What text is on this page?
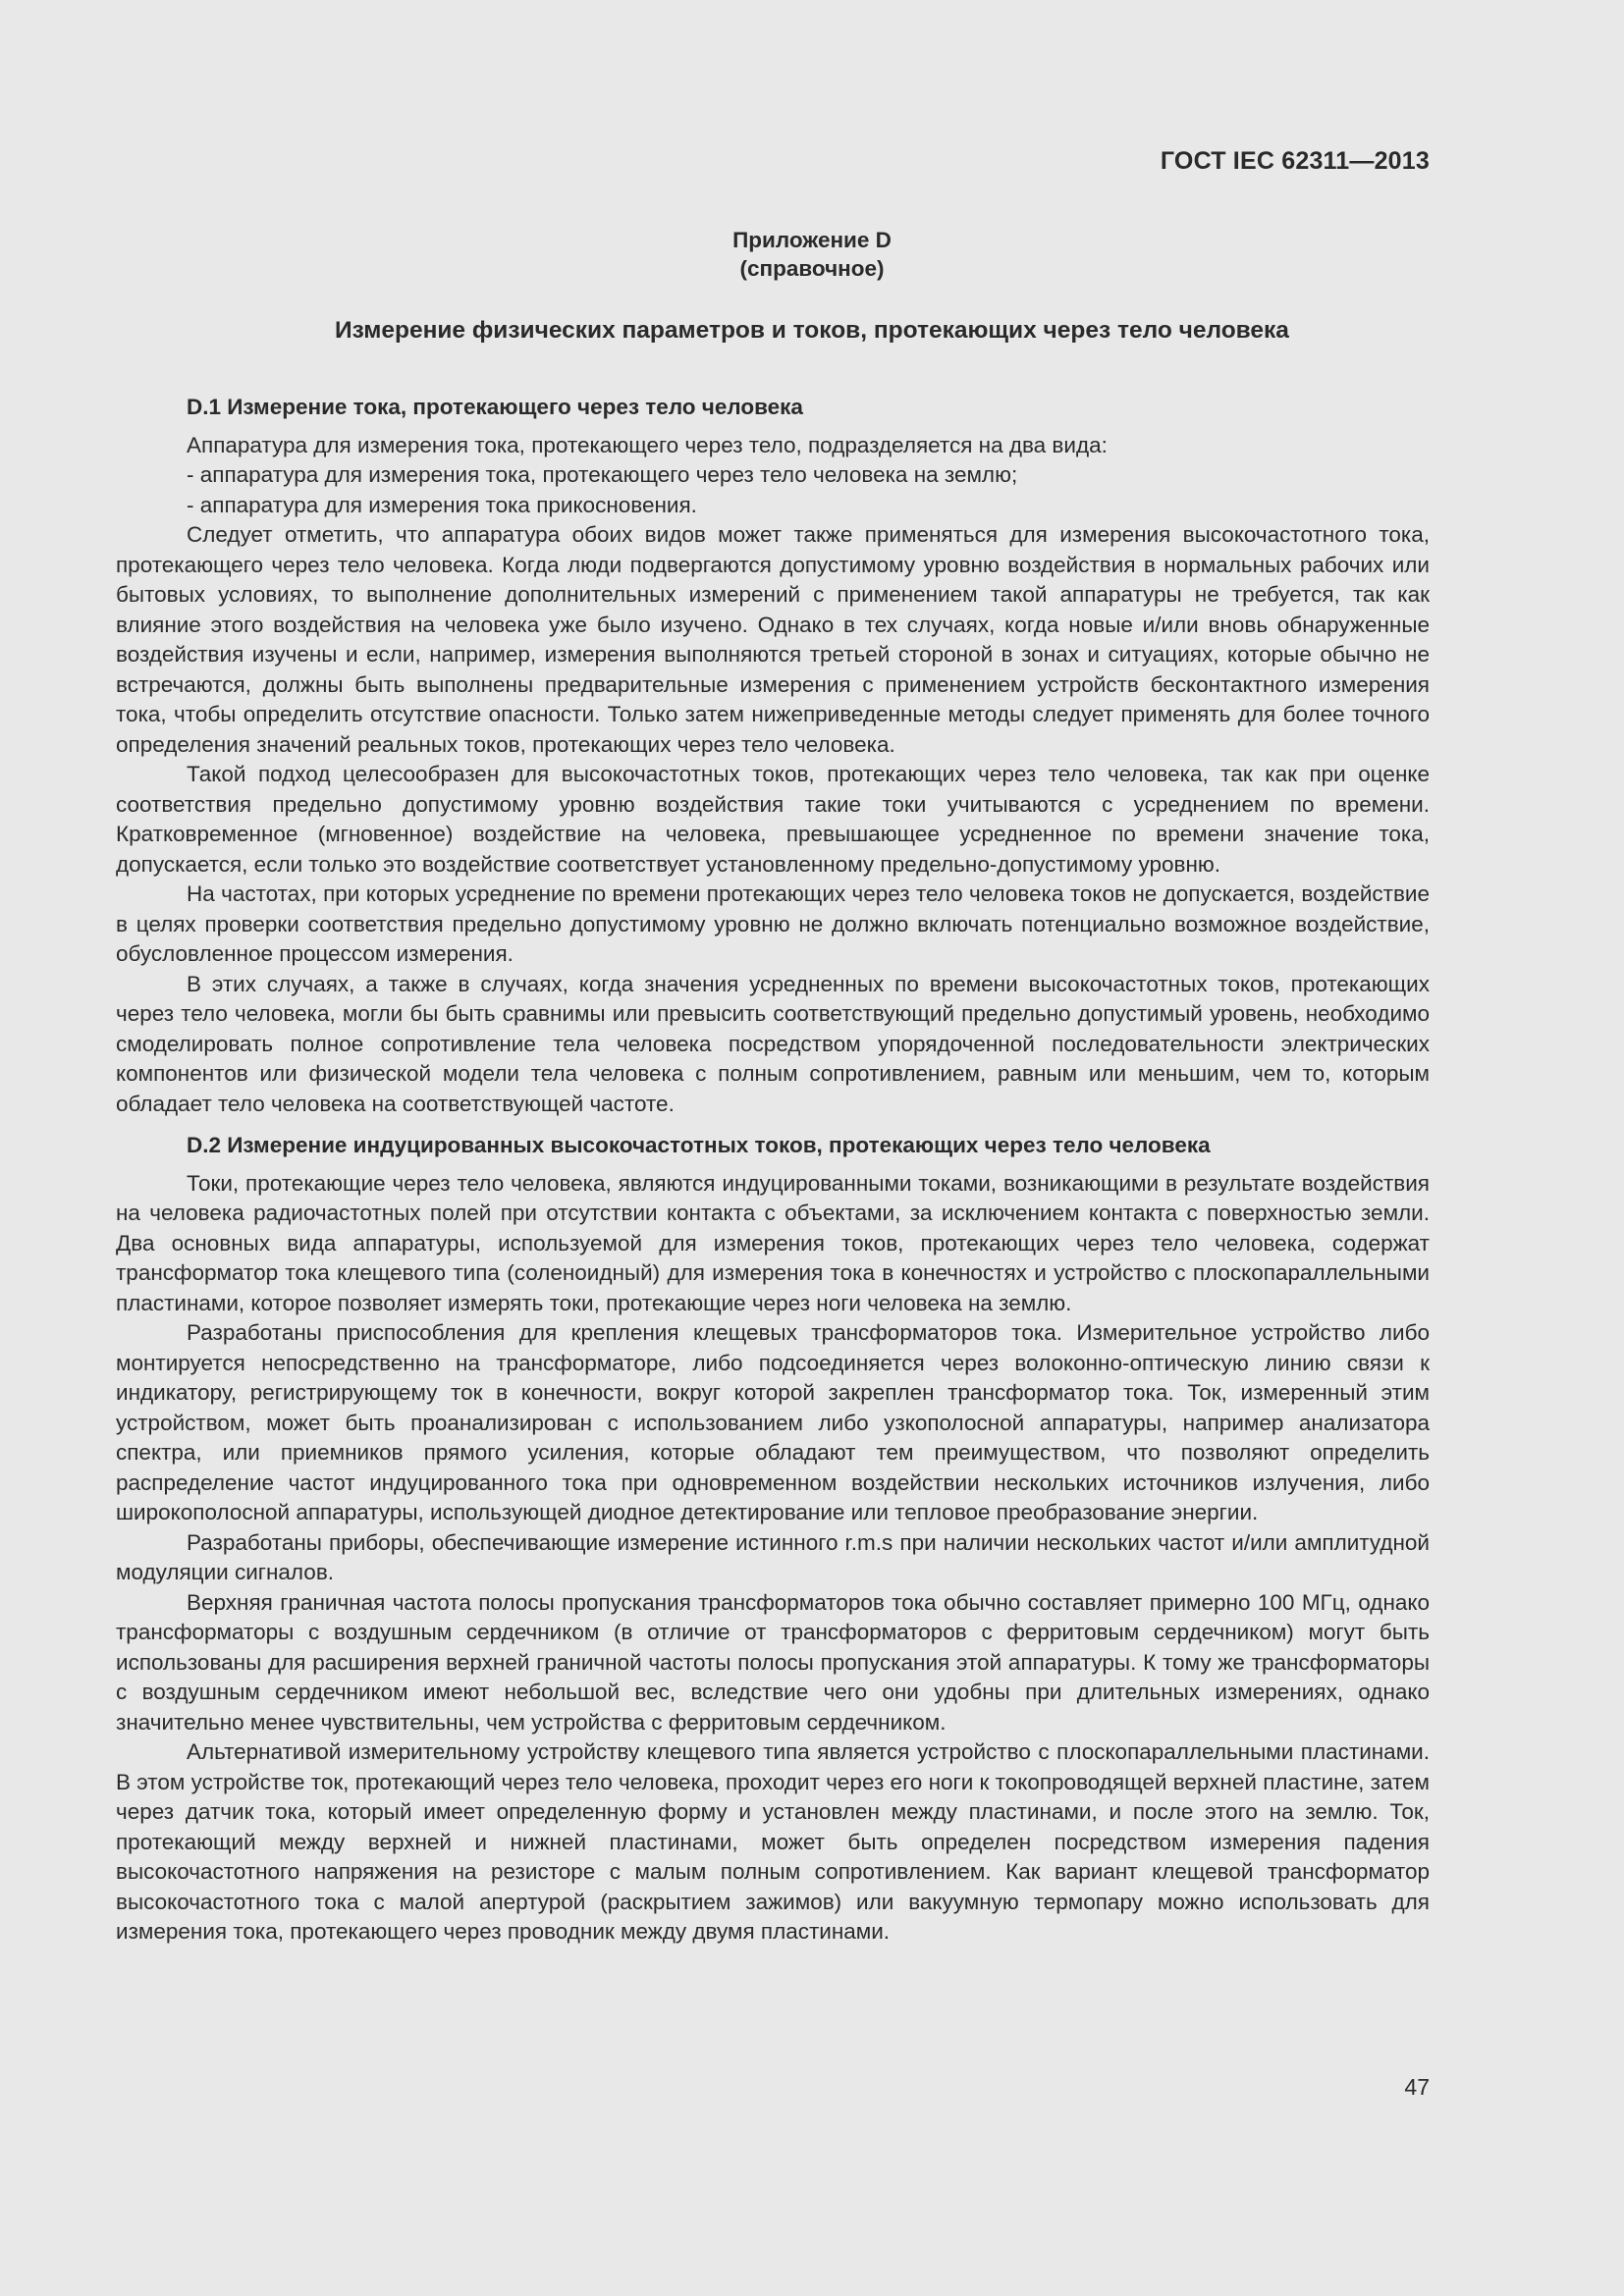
ГОСТ IEC 62311—2013
Приложение D
(справочное)
Измерение физических параметров и токов, протекающих через тело человека
D.1 Измерение тока, протекающего через тело человека

Аппаратура для измерения тока, протекающего через тело, подразделяется на два вида:

- аппаратура для измерения тока, протекающего через тело человека на землю;

- аппаратура для измерения тока прикосновения.

Следует отметить, что аппаратура обоих видов может также применяться для измерения высокочастотного тока, протекающего через тело человека. Когда люди подвергаются допустимому уровню воздействия в нормальных рабочих или бытовых условиях, то выполнение дополнительных измерений с применением такой аппаратуры не требуется, так как влияние этого воздействия на человека уже было изучено. Однако в тех случаях, когда новые и/или вновь обнаруженные воздействия изучены и если, например, измерения выполняются третьей стороной в зонах и ситуациях, которые обычно не встречаются, должны быть выполнены предварительные измерения с применением устройств бесконтактного измерения тока, чтобы определить отсутствие опасности. Только затем нижеприведенные методы следует применять для более точного определения значений реальных токов, протекающих через тело человека.

Такой подход целесообразен для высокочастотных токов, протекающих через тело человека, так как при оценке соответствия предельно допустимому уровню воздействия такие токи учитываются с усреднением по времени. Кратковременное (мгновенное) воздействие на человека, превышающее усредненное по времени значение тока, допускается, если только это воздействие соответствует установленному предельно-допустимому уровню.

На частотах, при которых усреднение по времени протекающих через тело человека токов не допускается, воздействие в целях проверки соответствия предельно допустимому уровню не должно включать потенциально возможное воздействие, обусловленное процессом измерения.

В этих случаях, а также в случаях, когда значения усредненных по времени высокочастотных токов, протекающих через тело человека, могли бы быть сравнимы или превысить соответствующий предельно допустимый уровень, необходимо смоделировать полное сопротивление тела человека посредством упорядоченной последовательности электрических компонентов или физической модели тела человека с полным сопротивлением, равным или меньшим, чем то, которым обладает тело человека на соответствующей частоте.

D.2 Измерение индуцированных высокочастотных токов, протекающих через тело человека

Токи, протекающие через тело человека, являются индуцированными токами, возникающими в результате воздействия на человека радиочастотных полей при отсутствии контакта с объектами, за исключением контакта с поверхностью земли. Два основных вида аппаратуры, используемой для измерения токов, протекающих через тело человека, содержат трансформатор тока клещевого типа (соленоидный) для измерения тока в конечностях и устройство с плоскопараллельными пластинами, которое позволяет измерять токи, протекающие через ноги человека на землю.

Разработаны приспособления для крепления клещевых трансформаторов тока. Измерительное устройство либо монтируется непосредственно на трансформаторе, либо подсоединяется через волоконно-оптическую линию связи к индикатору, регистрирующему ток в конечности, вокруг которой закреплен трансформатор тока. Ток, измеренный этим устройством, может быть проанализирован с использованием либо узкополосной аппаратуры, например анализатора спектра, или приемников прямого усиления, которые обладают тем преимуществом, что позволяют определить распределение частот индуцированного тока при одновременном воздействии нескольких источников излучения, либо широкополосной аппаратуры, использующей диодное детектирование или тепловое преобразование энергии.

Разработаны приборы, обеспечивающие измерение истинного r.m.s при наличии нескольких частот и/или амплитудной модуляции сигналов.

Верхняя граничная частота полосы пропускания трансформаторов тока обычно составляет примерно 100 МГц, однако трансформаторы с воздушным сердечником (в отличие от трансформаторов с ферритовым сердечником) могут быть использованы для расширения верхней граничной частоты полосы пропускания этой аппаратуры. К тому же трансформаторы с воздушным сердечником имеют небольшой вес, вследствие чего они удобны при длительных измерениях, однако значительно менее чувствительны, чем устройства с ферритовым сердечником.

Альтернативой измерительному устройству клещевого типа является устройство с плоскопараллельными пластинами. В этом устройстве ток, протекающий через тело человека, проходит через его ноги к токопроводящей верхней пластине, затем через датчик тока, который имеет определенную форму и установлен между пластинами, и после этого на землю. Ток, протекающий между верхней и нижней пластинами, может быть определен посредством измерения падения высокочастотного напряжения на резисторе с малым полным сопротивлением. Как вариант клещевой трансформатор высокочастотного тока с малой апертурой (раскрытием зажимов) или вакуумную термопару можно использовать для измерения тока, протекающего через проводник между двумя пластинами.

47
